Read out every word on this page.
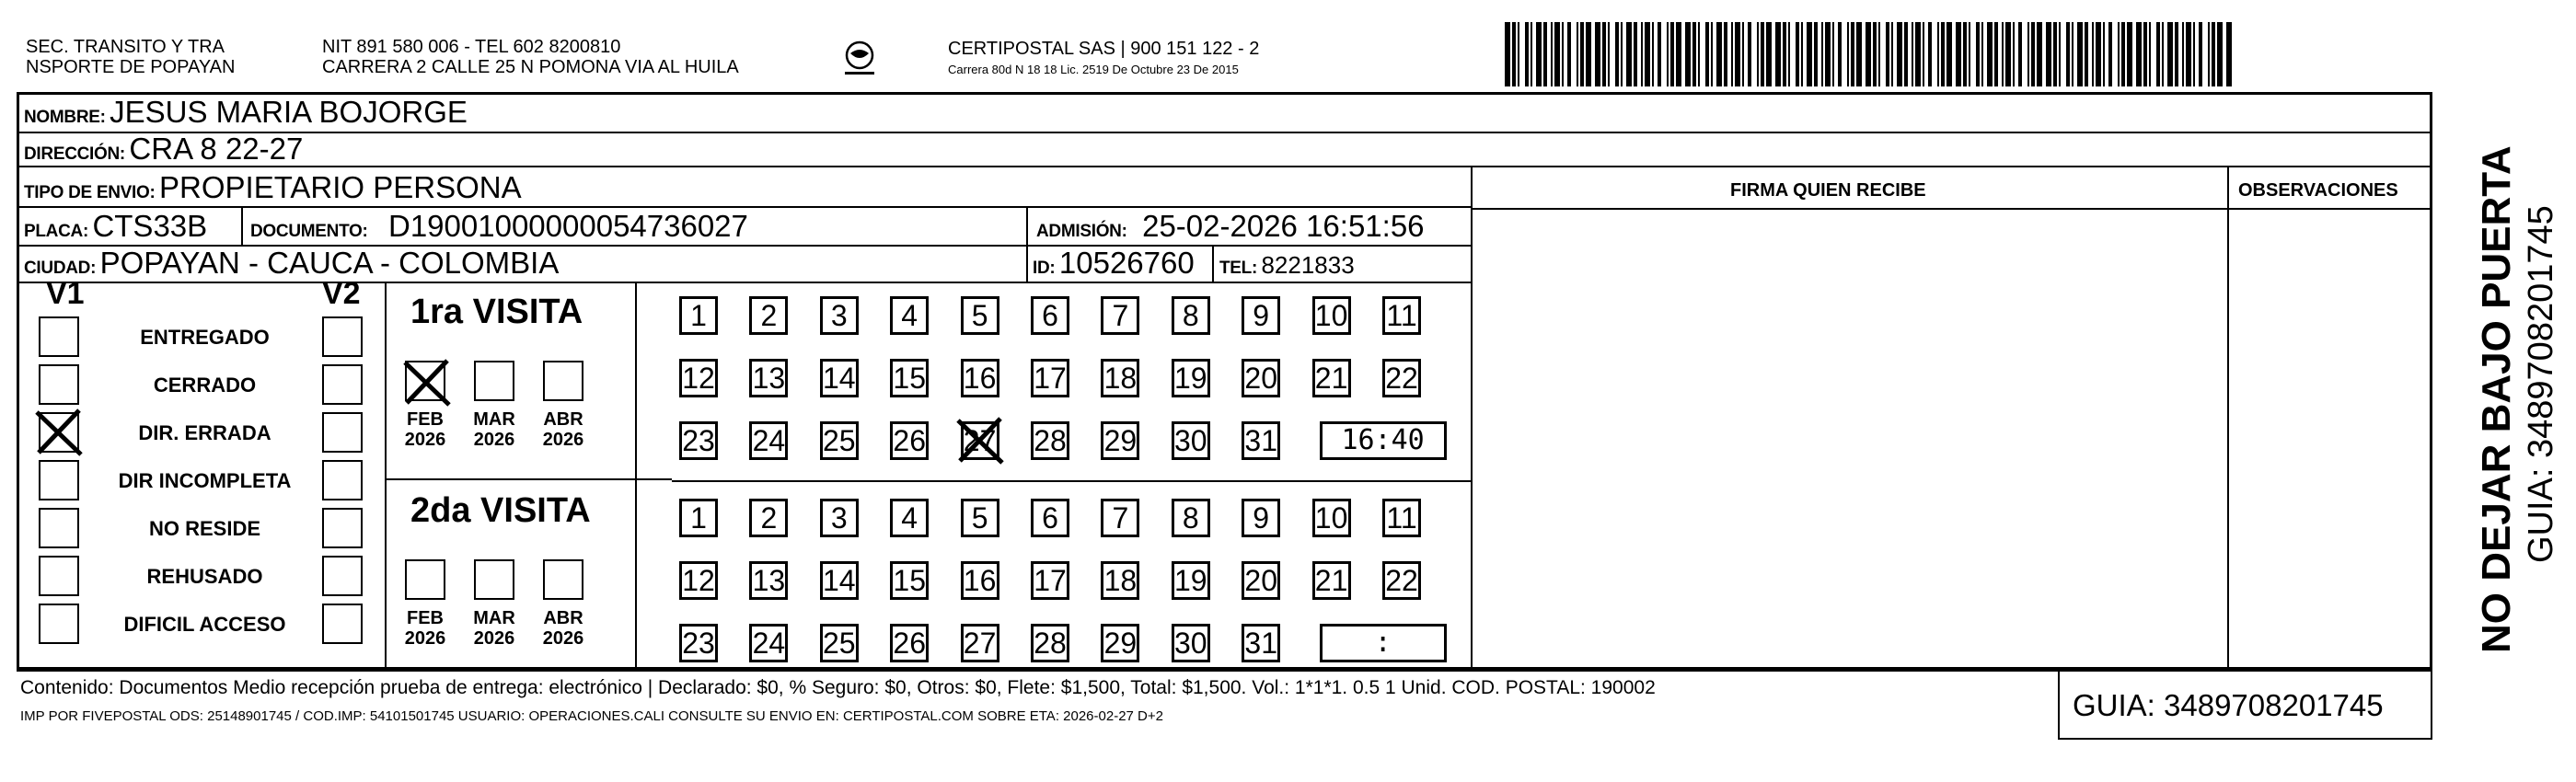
SEC. TRANSITO Y TRA
NSPORTE DE POPAYAN
NIT 891 580 006 - TEL 602 8200810
CARRERA 2 CALLE 25 N POMONA VIA AL HUILA
CERTIPOSTAL SAS | 900 151 122 - 2
Carrera 80d N 18 18 Lic. 2519 De Octubre 23 De 2015
NOMBRE: JESUS MARIA BOJORGE
DIRECCIÓN: CRA 8 22-27
TIPO DE ENVIO: PROPIETARIO PERSONA	FIRMA QUIEN RECIBE	OBSERVACIONES
PLACA: CTS33B DOCUMENTO: D19001000000054736027	ADMISIÓN: 25-02-2026 16:51:56
CIUDAD: POPAYAN - CAUCA - COLOMBIA	ID: 10526760 TEL: 8221833
V1	V2
ENTREGADO
CERRADO
DIR. ERRADA
DIR INCOMPLETA
NO RESIDE
REHUSADO
DIFICIL ACCESO
1ra VISITA
2da VISITA
FEB
2026
MAR
2026
ABR
2026
1	2	3	4	5	6	7	8	9	10 11
12 13 14 15 16 17 18 19 20 21 22
23 24 25 26 27 28 29 30 31	16:40
FEB
2026
MAR
2026
ABR
2026
1	2	3	4	5	6	7	8	9	10 11
12 13 14 15 16 17 18 19 20 21 22
23 24 25 26 27 28 29 30 31	:
Contenido: Documentos Medio recepción prueba de entrega: electrónico | Declarado: $0, % Seguro: $0, Otros: $0, Flete: $1,500, Total: $1,500. Vol.: 1*1*1. 0.5 1 Unid. COD. POSTAL: 190002
IMP POR FIVEPOSTAL ODS: 25148901745 / COD.IMP: 54101501745 USUARIO: OPERACIONES.CALI CONSULTE SU ENVIO EN: CERTIPOSTAL.COM SOBRE ETA: 2026-02-27 D+2	GUIA: 3489708201745
NO DEJAR BAJO PUERTA GUIA: 3489708201745
